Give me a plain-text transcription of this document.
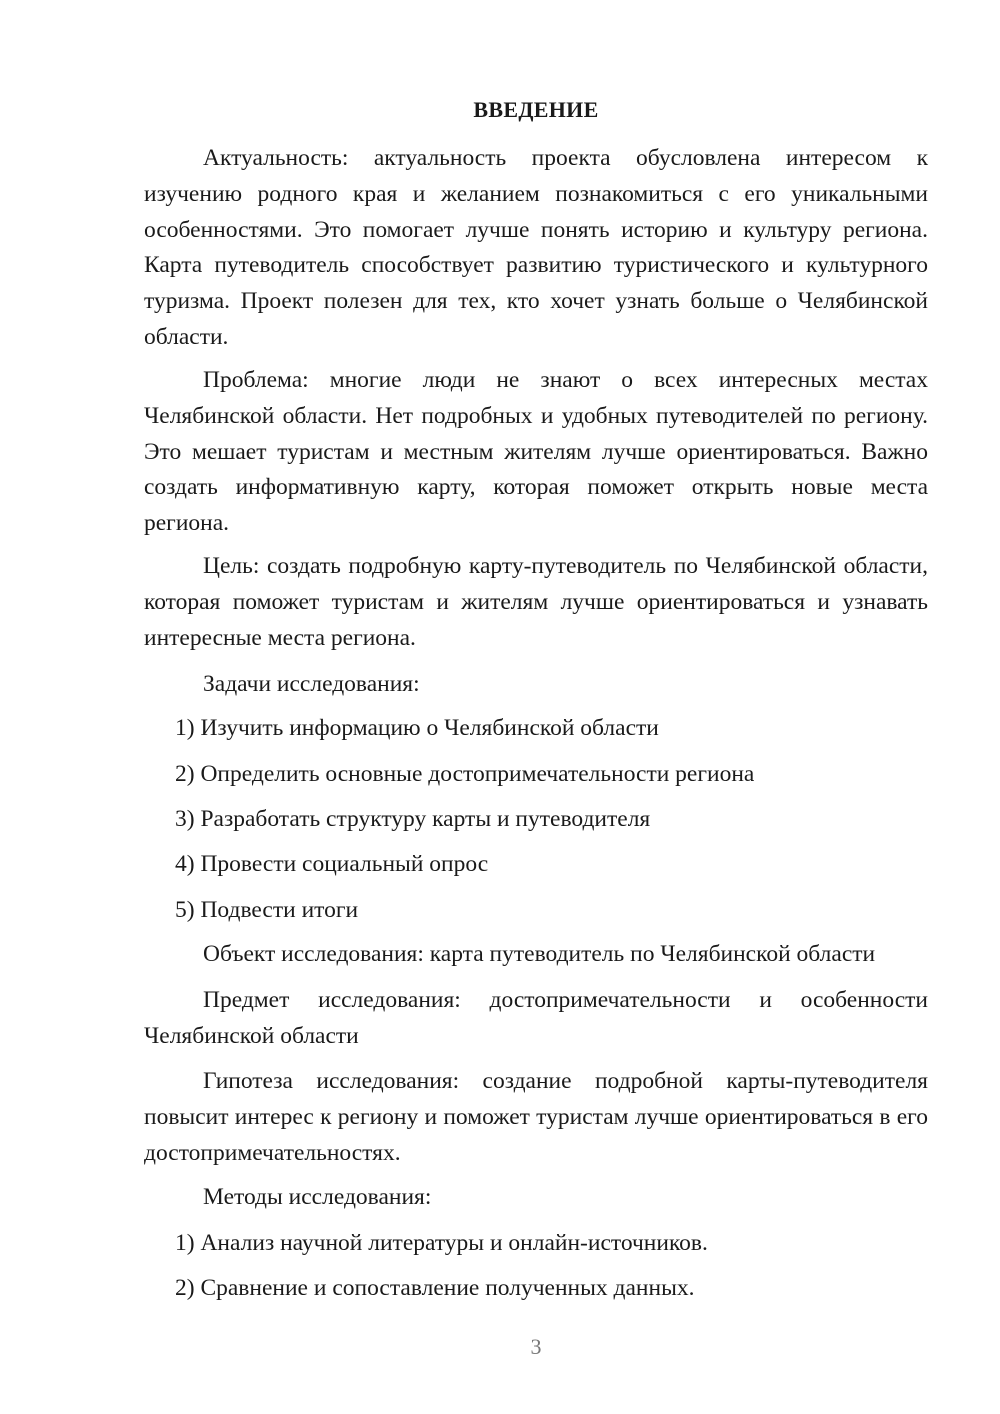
ВВЕДЕНИЕ

Актуальность: актуальность проекта обусловлена интересом к изучению родного края и желанием познакомиться с его уникальными особенностями. Это помогает лучше понять историю и культуру региона. Карта путеводитель способствует развитию туристического и культурного туризма. Проект полезен для тех, кто хочет узнать больше о Челябинской области.

Проблема: многие люди не знают о всех интересных местах Челябинской области. Нет подробных и удобных путеводителей по региону. Это мешает туристам и местным жителям лучше ориентироваться. Важно создать информативную карту, которая поможет открыть новые места региона.

Цель: создать подробную карту-путеводитель по Челябинской области, которая поможет туристам и жителям лучше ориентироваться и узнавать интересные места региона.

Задачи исследования:

1) Изучить информацию о Челябинской области

2) Определить основные достопримечательности региона

3) Разработать структуру карты и путеводителя

4) Провести социальный опрос

5) Подвести итоги

Объект исследования: карта путеводитель по Челябинской области

Предмет исследования: достопримечательности и особенности Челябинской области

Гипотеза исследования: создание подробной карты-путеводителя повысит интерес к региону и поможет туристам лучше ориентироваться в его достопримечательностях.

Методы исследования:

1) Анализ научной литературы и онлайн-источников.

2) Сравнение и сопоставление полученных данных.

3
